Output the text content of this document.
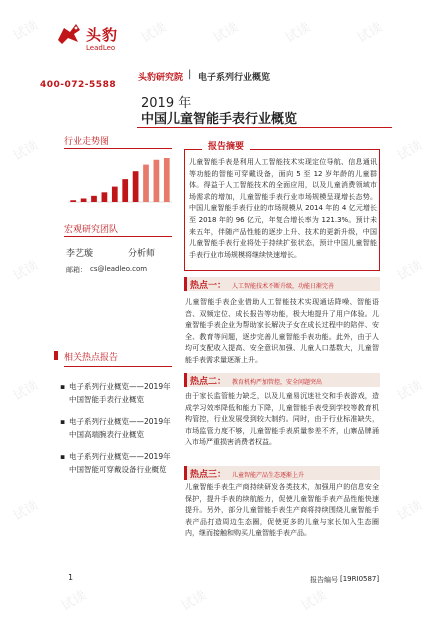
试读	试读	试读	试读	试读
试读	试读
试读	试读
试读	试读
试读	试读
试读	试读	试读
头豹
LeadLeo
400-072-5588
头豹研究院 | 电子系列行业概览
2019 年
中国儿童智能手表行业概览
行业走势图
宏观研究团队
李艺璇	分析师
邮箱： cs@leadleo.com
相关热点报告
▪ 电子系列行业概览——2019年中国智能手表行业概览
▪ 电子系列行业概览——2019年中国高端腕表行业概览
▪ 电子系列行业概览——2019年中国智能可穿戴设备行业概览
报告摘要
儿童智能手表是利用人工智能技术实现定位导航、信息通讯等功能的智能可穿戴设备，面向 5 至 12 岁年龄的儿童群体。得益于人工智能技术的全面应用，以及儿童消费领域市场需求的增加，儿童智能手表行业市场规模呈现增长态势。中国儿童智能手表行业的市场规模从 2014 年的 4 亿元增长至 2018 年的 96 亿元，年复合增长率为 121.3%。预计未来五年，伴随产品性能的逐步上升、技术的更新升级，中国儿童智能手表行业将处于持续扩张状态，预计中国儿童智能手表行业市场规模将继续快速增长。
热点一： 人工智能技术不断升级，功能日渐完善
儿童智能手表企业借助人工智能技术实现通话降噪、智能语音、双频定位、成长报告等功能，极大地提升了用户体验。儿童智能手表企业为帮助家长解决子女在成长过程中的陪伴、安全、教育等问题，逐步完善儿童智能手表功能。此外，由于人均可支配收入提高、安全意识加强、儿童人口基数大，儿童智能手表需求量逐渐上升。
热点二： 教育机构严加管控，安全问题突出
由于家长监管能力缺乏，以及儿童易沉迷社交和手表游戏，造成学习效率降低和能力下降，儿童智能手表受到学校等教育机构管控，行业发展受到较大制约。同时，由于行业标准缺失，市场监管力度不够，儿童智能手表质量参差不齐，山寨品牌涌入市场严重损害消费者权益。
热点三： 儿童智能产品生态逐渐上升
儿童智能手表生产商持续研发各类技术，加强用户的信息安全保护，提升手表的续航能力，促使儿童智能手表产品性能快速提升。另外，部分儿童智能手表生产商将持续围绕儿童智能手表产品打造周边生态圈，促使更多的儿童与家长加入生态圈内，继而接触和购买儿童智能手表产品。
1	报告编号 [19RI0587]
